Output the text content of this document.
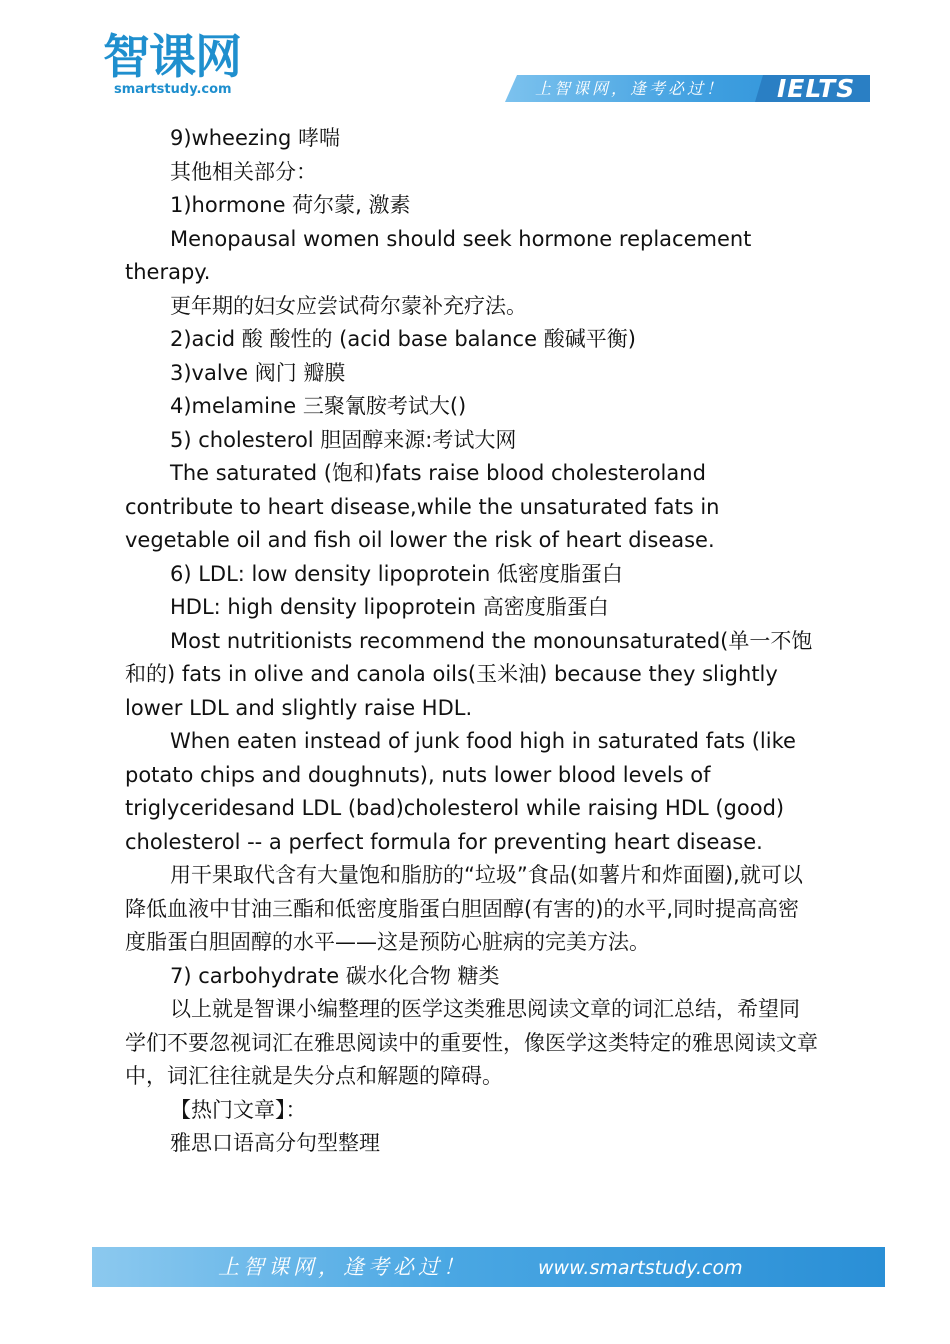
智课网
smartstudy.com	上智课网，逢考必过！ IELTS

9)wheezing 哮喘

其他相关部分：

1)hormone 荷尔蒙, 激素

Menopausal women should seek hormone replacement therapy.

更年期的妇女应尝试荷尔蒙补充疗法。

2)acid 酸 酸性的 (acid base balance 酸碱平衡)

3)valve 阀门 瓣膜

4)melamine 三聚氰胺考试大()

5) cholesterol 胆固醇来源:考试大网

The saturated (饱和)fats raise blood cholesteroland contribute to heart disease,while the unsaturated fats in vegetable oil and fish oil lower the risk of heart disease.

6) LDL: low density lipoprotein 低密度脂蛋白

HDL: high density lipoprotein 高密度脂蛋白

Most nutritionists recommend the monounsaturated(单一不饱和的) fats in olive and canola oils(玉米油) because they slightly lower LDL and slightly raise HDL.

When eaten instead of junk food high in saturated fats (like potato chips and doughnuts), nuts lower blood levels of triglyceridesand LDL (bad)cholesterol while raising HDL (good) cholesterol -- a perfect formula for preventing heart disease.

用干果取代含有大量饱和脂肪的“垃圾”食品(如薯片和炸面圈),就可以降低血液中甘油三酯和低密度脂蛋白胆固醇(有害的)的水平,同时提高高密度脂蛋白胆固醇的水平——这是预防心脏病的完美方法。

7) carbohydrate 碳水化合物 糖类

以上就是智课小编整理的医学这类雅思阅读文章的词汇总结，希望同学们不要忽视词汇在雅思阅读中的重要性，像医学这类特定的雅思阅读文章中，词汇往往就是失分点和解题的障碍。

【热门文章】：

雅思口语高分句型整理

上智课网，逢考必过！	www.smartstudy.com
